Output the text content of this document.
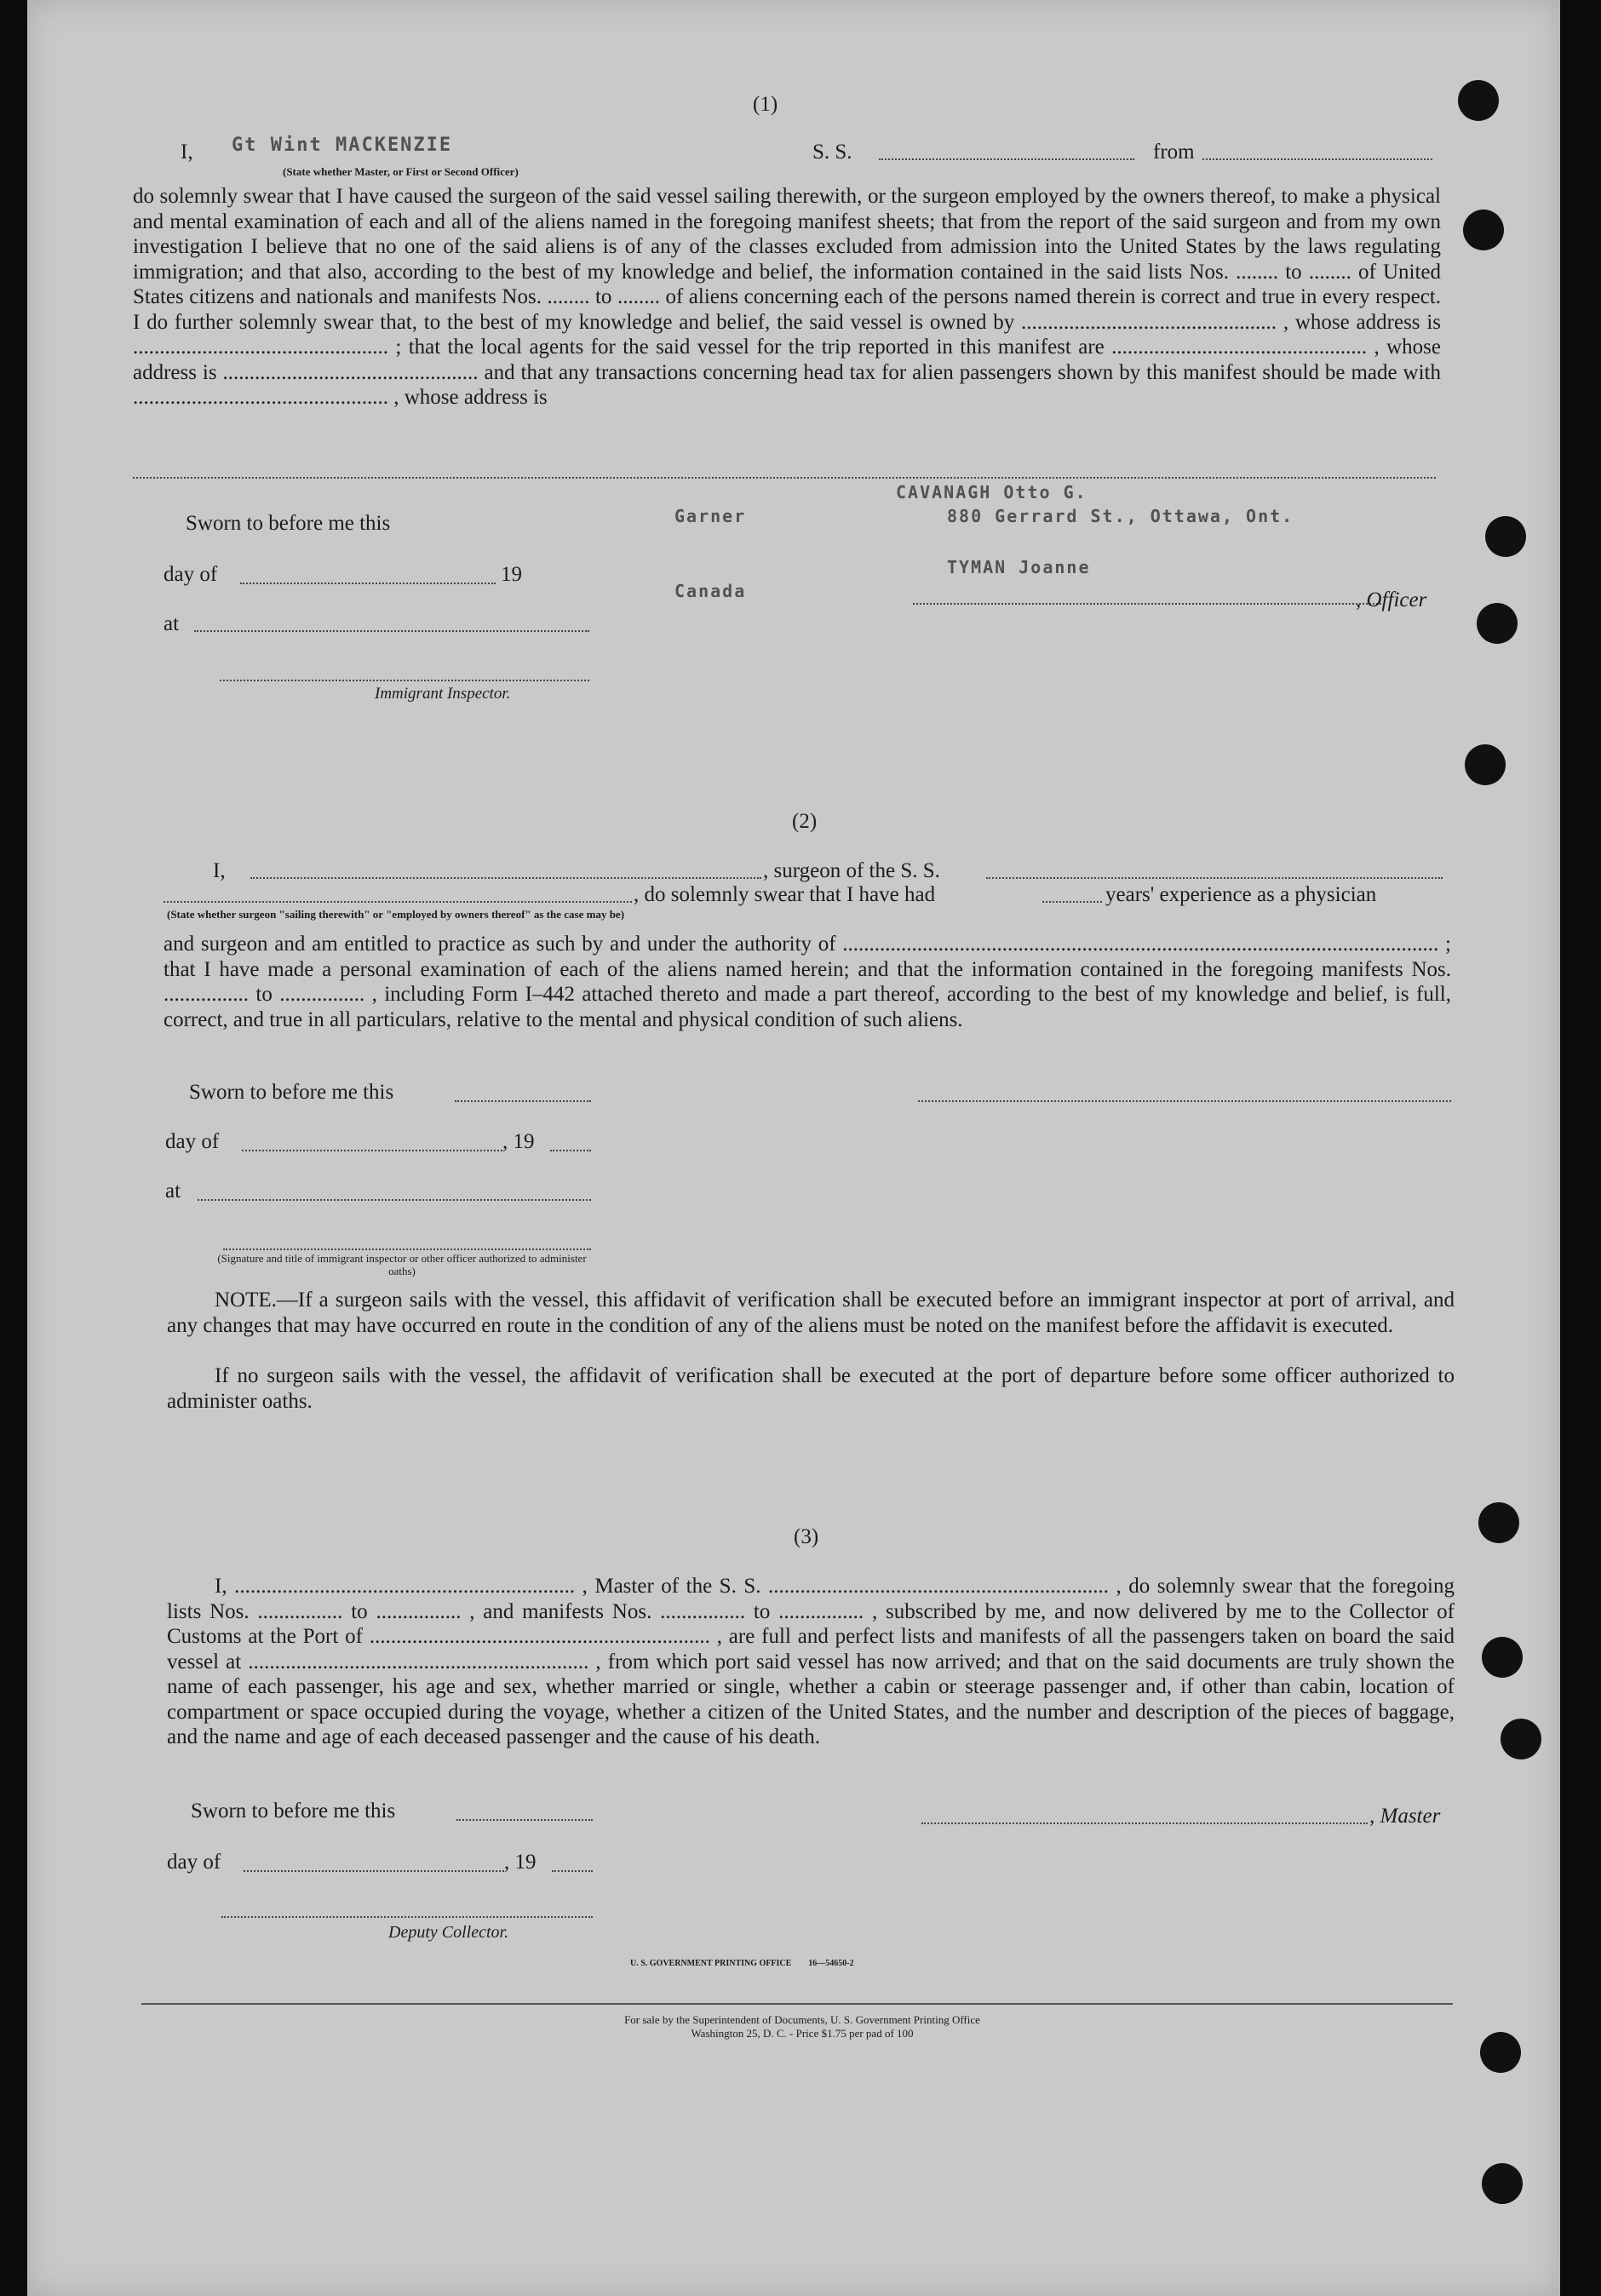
(1)
I, Gt Wint MACKENZIE	S. S.	from
(State whether Master, or First or Second Officer)
do solemnly swear that I have caused the surgeon of the said vessel sailing therewith, or the surgeon employed by the owners thereof, to make a physical and mental examination of each and all of the aliens named in the foregoing manifest sheets; that from the report of the said surgeon and from my own investigation I believe that no one of the said aliens is of any of the classes excluded from admission into the United States by the laws regulating immigration; and that also, according to the best of my knowledge and belief, the information contained in the said lists Nos. ........ to ........ of United States citizens and nationals and manifests Nos. ........ to ........ of aliens concerning each of the persons named therein is correct and true in every respect. I do further solemnly swear that, to the best of my knowledge and belief, the said vessel is owned by ................................................ , whose address is ................................................ ; that the local agents for the said vessel for the trip reported in this manifest are ................................................ , whose address is ................................................ and that any transactions concerning head tax for alien passengers shown by this manifest should be made with ................................................ , whose address is
CAVANAGH Otto G.
880 Gerrard St., Ottawa, Ont.
TYMAN Joanne
Garner
Canada
Sworn to before me this
day of	19
, Officer
at
Immigrant Inspector.
(2)
I,	, surgeon of the S. S.
, do solemnly swear that I have had	years' experience as a physician
(State whether surgeon "sailing therewith" or "employed by owners thereof" as the case may be)
and surgeon and am entitled to practice as such by and under the authority of ................................................................................................................ ; that I have made a personal examination of each of the aliens named herein; and that the information contained in the foregoing manifests Nos. ................ to ................ , including Form I–442 attached thereto and made a part thereof, according to the best of my knowledge and belief, is full, correct, and true in all particulars, relative to the mental and physical condition of such aliens.
Sworn to before me this
day of	, 19
at
(Signature and title of immigrant inspector or other officer authorized to administer oaths)
NOTE.—If a surgeon sails with the vessel, this affidavit of verification shall be executed before an immigrant inspector at port of arrival, and any changes that may have occurred en route in the condition of any of the aliens must be noted on the manifest before the affidavit is executed.
If no surgeon sails with the vessel, the affidavit of verification shall be executed at the port of departure before some officer authorized to administer oaths.
(3)
I, ................................................................ , Master of the S. S. ................................................................ , do solemnly swear that the foregoing lists Nos. ................ to ................ , and manifests Nos. ................ to ................ , subscribed by me, and now delivered by me to the Collector of Customs at the Port of ................................................................ , are full and perfect lists and manifests of all the passengers taken on board the said vessel at ................................................................ , from which port said vessel has now arrived; and that on the said documents are truly shown the name of each passenger, his age and sex, whether married or single, whether a cabin or steerage passenger and, if other than cabin, location of compartment or space occupied during the voyage, whether a citizen of the United States, and the number and description of the pieces of baggage, and the name and age of each deceased passenger and the cause of his death.
Sworn to before me this	, Master
day of	, 19
Deputy Collector.
U. S. GOVERNMENT PRINTING OFFICE        16—54650-2
For sale by the Superintendent of Documents, U. S. Government Printing Office
Washington 25, D. C. - Price $1.75 per pad of 100
